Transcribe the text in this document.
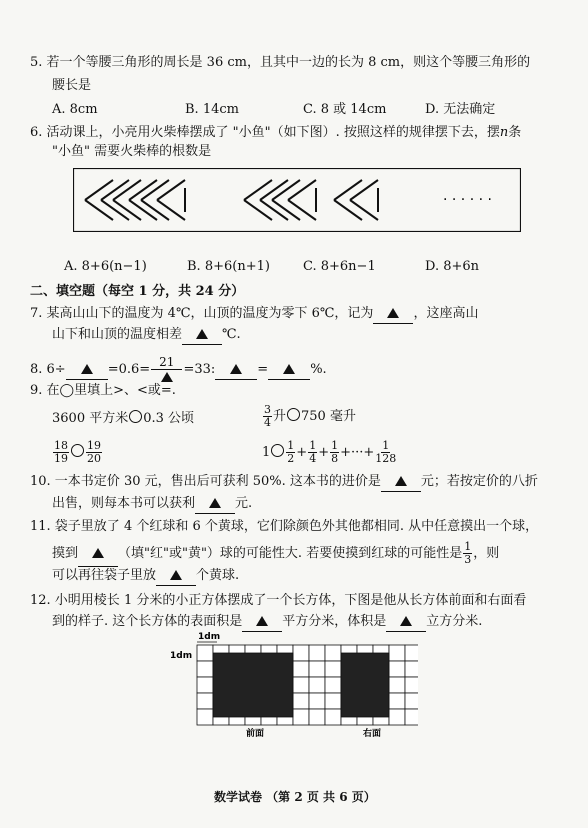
5. 若一个等腰三角形的周长是 36 cm，且其中一边的长为 8 cm，则这个等腰三角形的
腰长是
A. 8cm	B. 14cm	C. 8 或 14cm	D. 无法确定
6. 活动课上，小亮用火柴棒摆成了 "小鱼"（如下图）. 按照这样的规律摆下去，摆n条
"小鱼" 需要火柴棒的根数是
· · · · · ·
A. 8+6(n−1)	B. 8+6(n+1)	C. 8+6n−1	D. 8+6n
二、填空题（每空 1 分，共 24 分）
7. 某高山山下的温度为 4℃，山顶的温度为零下 6℃，记为	，这座高山
山下和山顶的温度相差	℃.
8. 6÷	=0.6= 21 =33:	=	%.
9. 在◯里填上>、<或=.
3600 平方米 0.3 公顷	$\frac{3}{4}$ 升 750 毫升
$\frac{18}{19} \frac{19}{20}$	$1 \frac{1}{2} + \frac{1}{4} + \frac{1}{8}$ +···+ $\frac{1}{128}$
10. 一本书定价 30 元，售出后可获利 50%. 这本书的进价是	元；若按定价的八折
出售，则每本书可以获利	元.
11. 袋子里放了 4 个红球和 6 个黄球，它们除颜色外其他都相同. 从中任意摸出一个球，
摸到	（填"红"或"黄"）球的可能性大. 若要使摸到红球的可能性是 $\frac{1}{3}$ ，则
可以再往袋子里放	个黄球.
12. 小明用棱长 1 分米的小正方体摆成了一个长方体，下图是他从长方体前面和右面看
到的样子. 这个长方体的表面积是	平方分米，体积是	立方分米.
1dm
1dm
前面	右面
数学试卷 （第 2 页 共 6 页）
